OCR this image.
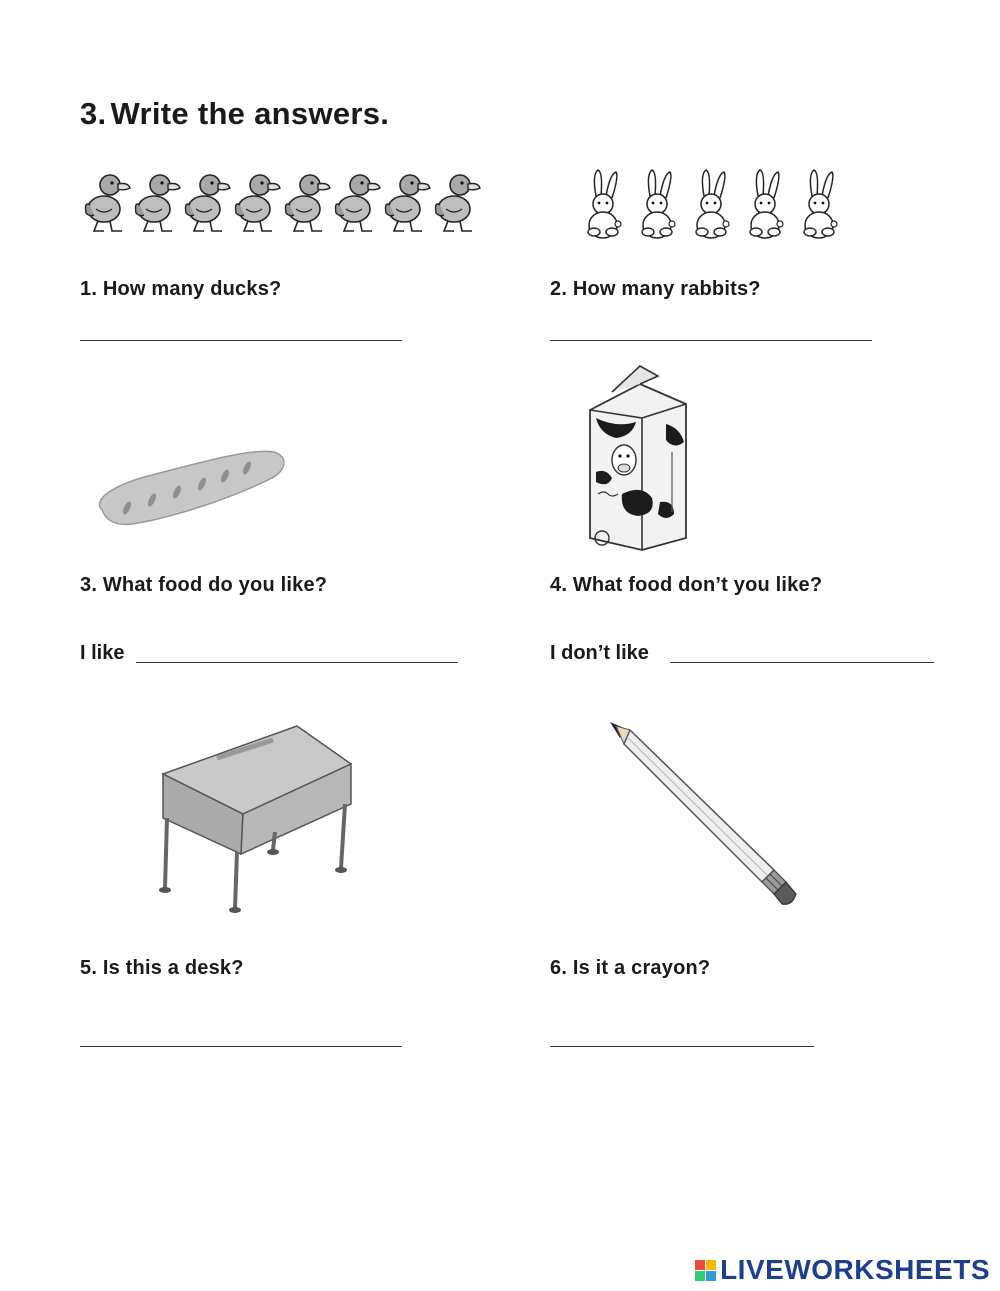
3. Write the answers.
1. How many ducks?	2. How many rabbits?
3. What food do you like?
I like
4. What food don’t you like?
I don’t like
5. Is this a desk?	6. Is it a crayon?
LIVEWORKSHEETS
